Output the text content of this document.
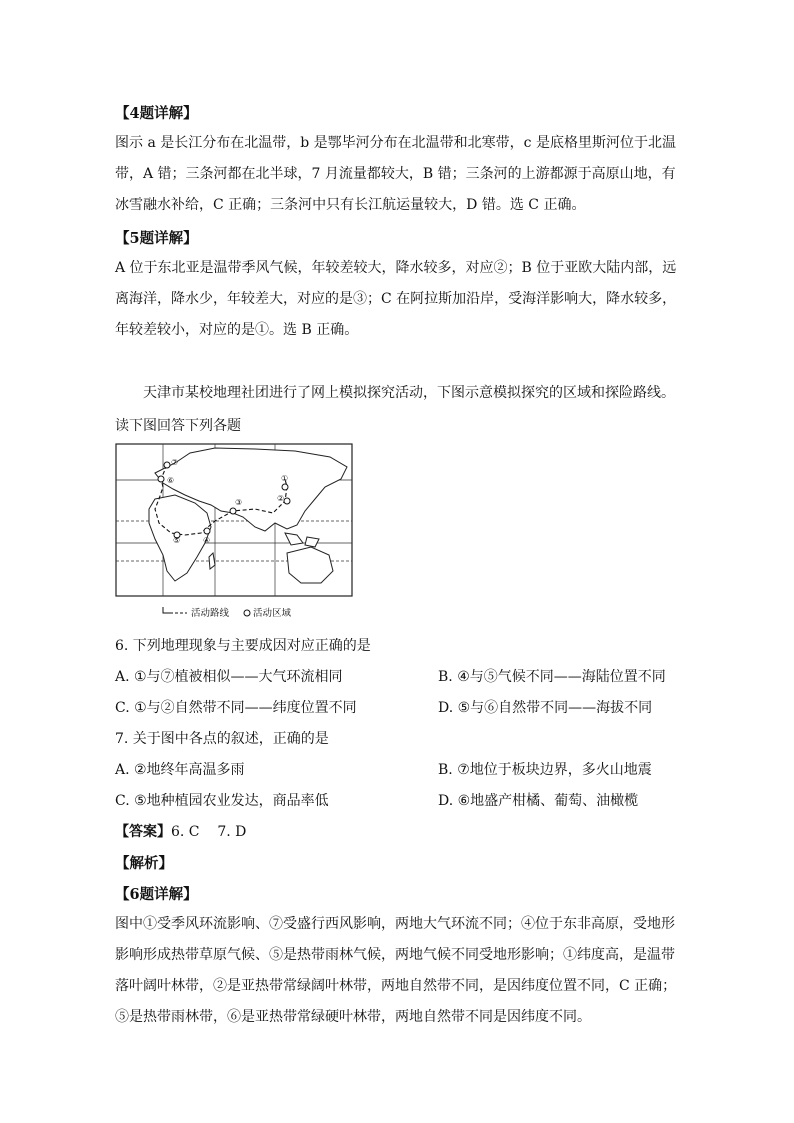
【4题详解】

图示 a 是长江分布在北温带，b 是鄂毕河分布在北温带和北寒带，c 是底格里斯河位于北温带，A 错；三条河都在北半球，7 月流量都较大，B 错；三条河的上游都源于高原山地，有冰雪融水补给，C 正确；三条河中只有长江航运量较大，D 错。选 C 正确。

【5题详解】

A 位于东北亚是温带季风气候，年较差较大，降水较多，对应②；B 位于亚欧大陆内部，远离海洋，降水少，年较差大，对应的是③；C 在阿拉斯加沿岸，受海洋影响大，降水较多，年较差较小，对应的是①。选 B 正确。

天津市某校地理社团进行了网上模拟探究活动，下图示意模拟探究的区域和探险路线。

读下图回答下列各题

⑦
⑥
⑤	④
③
①
②
活动路线	活动区域

6. 下列地理现象与主要成因对应正确的是

A. ①与⑦植被相似——大气环流相同	B. ④与⑤气候不同——海陆位置不同

C. ①与②自然带不同——纬度位置不同	D. ⑤与⑥自然带不同——海拔不同

7. 关于图中各点的叙述，正确的是

A. ②地终年高温多雨	B. ⑦地位于板块边界，多火山地震

C. ⑤地种植园农业发达，商品率低	D. ⑥地盛产柑橘、葡萄、油橄榄

【答案】6. C    7. D

【解析】

【6题详解】

图中①受季风环流影响、⑦受盛行西风影响，两地大气环流不同；④位于东非高原，受地形影响形成热带草原气候、⑤是热带雨林气候，两地气候不同受地形影响；①纬度高，是温带落叶阔叶林带，②是亚热带常绿阔叶林带，两地自然带不同，是因纬度位置不同，C 正确；⑤是热带雨林带，⑥是亚热带常绿硬叶林带，两地自然带不同是因纬度不同。
